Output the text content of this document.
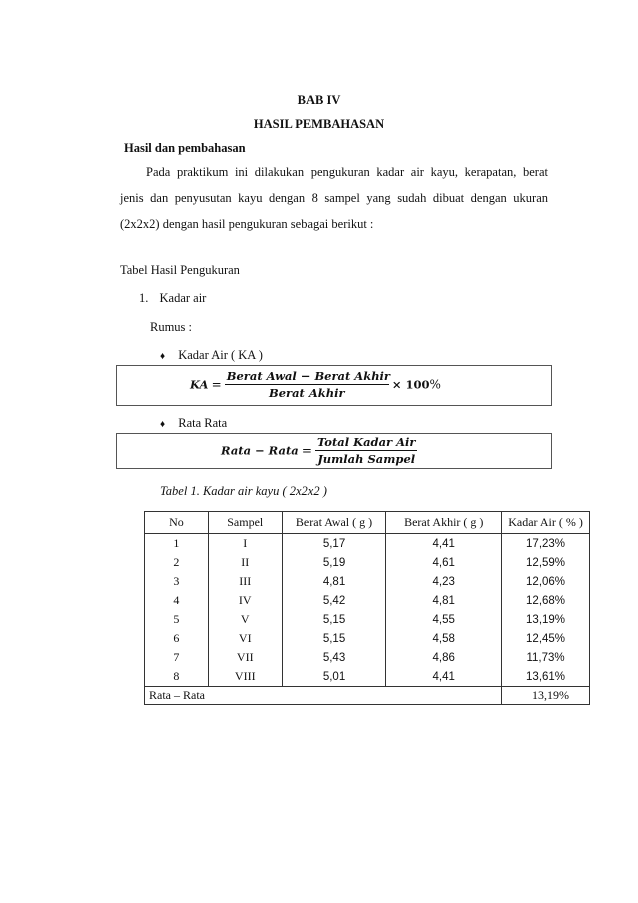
BAB IV
HASIL PEMBAHASAN
Hasil dan pembahasan
Pada praktikum ini dilakukan pengukuran kadar air kayu, kerapatan, berat
jenis dan penyusutan kayu dengan 8 sampel yang sudah dibuat dengan ukuran
(2x2x2) dengan hasil pengukuran sebagai berikut :
Tabel Hasil Pengukuran
1. Kadar air
Rumus :
♦ Kadar Air ( KA )
KA = $\frac{\text{Berat Awal − Berat Akhir}}{\text{Berat Akhir}} \times 100\%$
♦ Rata Rata
Rata − Rata = $\frac{\text{Total Kadar Air}}{\text{Jumlah Sampel}}$
Tabel 1. Kadar air kayu ( 2x2x2 )
No	Sampel	Berat Awal ( g )	Berat Akhir ( g )	Kadar Air ( % )
1	I	5,17	4,41	17,23%
2	II	5,19	4,61	12,59%
3	III	4,81	4,23	12,06%
4	IV	5,42	4,81	12,68%
5	V	5,15	4,55	13,19%
6	VI	5,15	4,58	12,45%
7	VII	5,43	4,86	11,73%
8	VIII	5,01	4,41	13,61%
Rata – Rata				13,19%
